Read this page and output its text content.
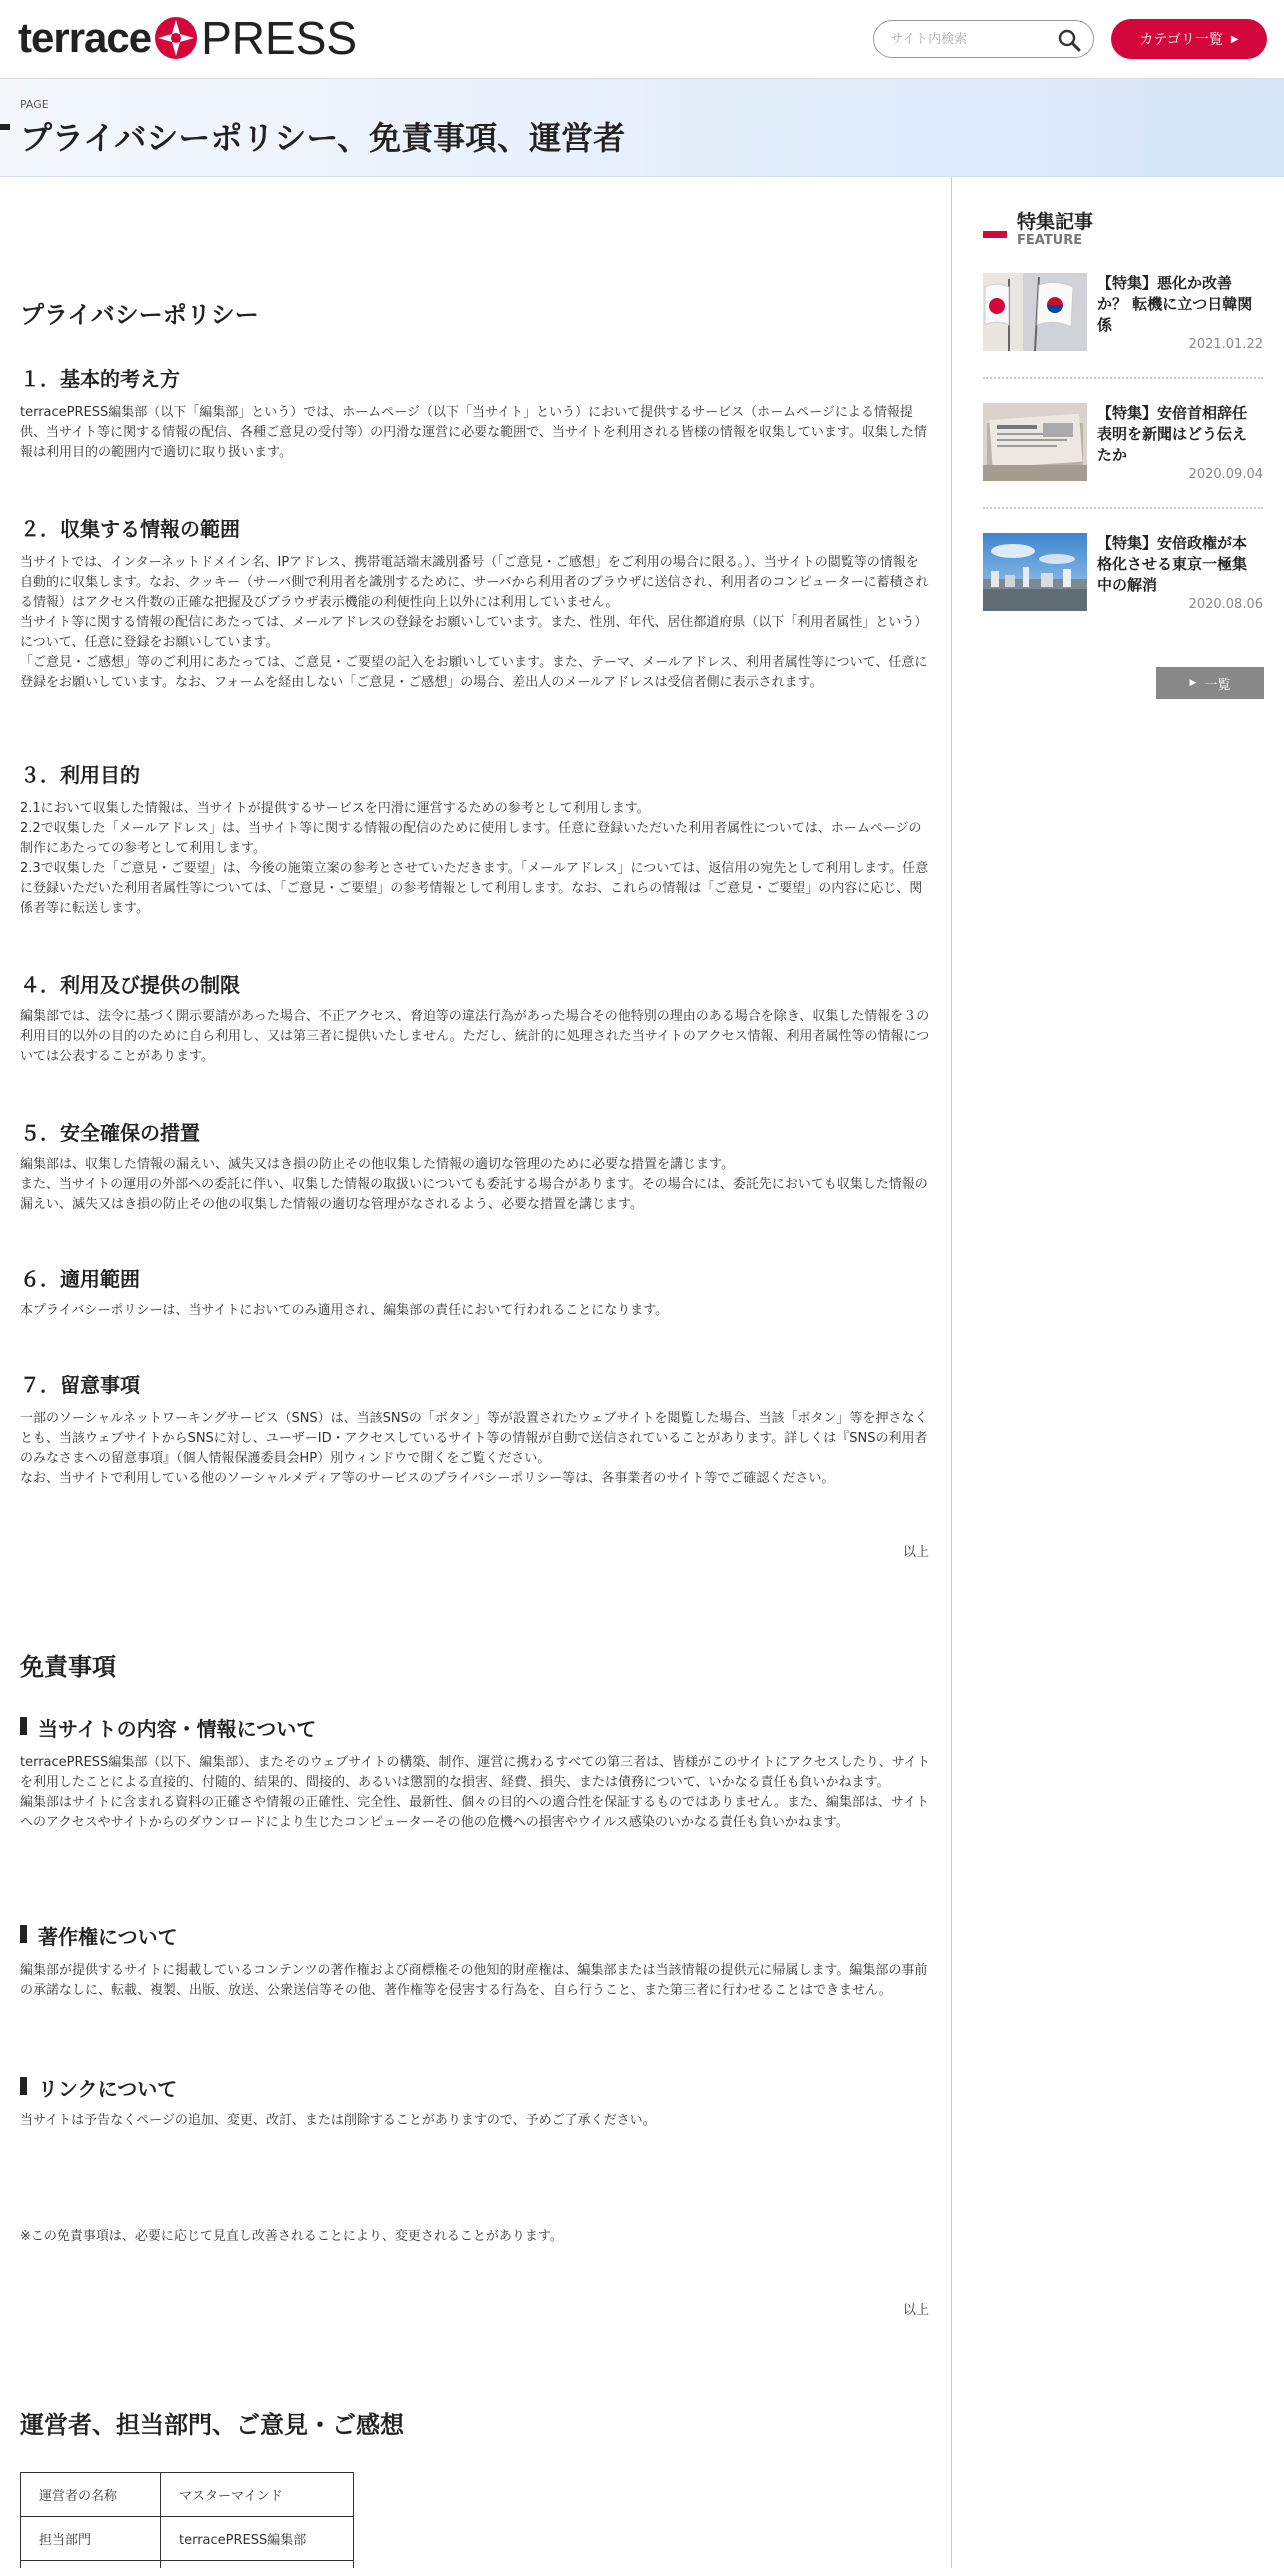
terrace PRESS
サイト内検索	カテゴリ一覧 ▶
PAGE
プライバシーポリシー、免責事項、運営者
プライバシーポリシー
１．基本的考え方
terracePRESS編集部（以下「編集部」という）では、ホームページ（以下「当サイト」という）において提供するサービス（ホームページによる情報提供、当サイト等に関する情報の配信、各種ご意見の受付等）の円滑な運営に必要な範囲で、当サイトを利用される皆様の情報を収集しています。収集した情報は利用目的の範囲内で適切に取り扱います。
２．収集する情報の範囲
当サイトでは、インターネットドメイン名、IPアドレス、携帯電話端末識別番号（「ご意見・ご感想」をご利用の場合に限る。）、当サイトの閲覧等の情報を自動的に収集します。なお、クッキー（サーバ側で利用者を識別するために、サーバから利用者のブラウザに送信され、利用者のコンピューターに蓄積される情報）はアクセス件数の正確な把握及びブラウザ表示機能の利便性向上以外には利用していません。
当サイト等に関する情報の配信にあたっては、メールアドレスの登録をお願いしています。また、性別、年代、居住都道府県（以下「利用者属性」という）について、任意に登録をお願いしています。
「ご意見・ご感想」等のご利用にあたっては、ご意見・ご要望の記入をお願いしています。また、テーマ、メールアドレス、利用者属性等について、任意に登録をお願いしています。なお、フォームを経由しない「ご意見・ご感想」の場合、差出人のメールアドレスは受信者側に表示されます。
３．利用目的
2.1において収集した情報は、当サイトが提供するサービスを円滑に運営するための参考として利用します。
2.2で収集した「メールアドレス」は、当サイト等に関する情報の配信のために使用します。任意に登録いただいた利用者属性については、ホームページの制作にあたっての参考として利用します。
2.3で収集した「ご意見・ご要望」は、今後の施策立案の参考とさせていただきます。「メールアドレス」については、返信用の宛先として利用します。任意に登録いただいた利用者属性等については、「ご意見・ご要望」の参考情報として利用します。なお、これらの情報は「ご意見・ご要望」の内容に応じ、関係者等に転送します。
４．利用及び提供の制限
編集部では、法令に基づく開示要請があった場合、不正アクセス、脅迫等の違法行為があった場合その他特別の理由のある場合を除き、収集した情報を３の利用目的以外の目的のために自ら利用し、又は第三者に提供いたしません。ただし、統計的に処理された当サイトのアクセス情報、利用者属性等の情報については公表することがあります。
５．安全確保の措置
編集部は、収集した情報の漏えい、滅失又はき損の防止その他収集した情報の適切な管理のために必要な措置を講じます。
また、当サイトの運用の外部への委託に伴い、収集した情報の取扱いについても委託する場合があります。その場合には、委託先においても収集した情報の漏えい、滅失又はき損の防止その他の収集した情報の適切な管理がなされるよう、必要な措置を講じます。
６．適用範囲
本プライバシーポリシーは、当サイトにおいてのみ適用され、編集部の責任において行われることになります。
７．留意事項
一部のソーシャルネットワーキングサービス（SNS）は、当該SNSの「ボタン」等が設置されたウェブサイトを閲覧した場合、当該「ボタン」等を押さなくとも、当該ウェブサイトからSNSに対し、ユーザーID・アクセスしているサイト等の情報が自動で送信されていることがあります。詳しくは『SNSの利用者のみなさまへの留意事項』（個人情報保護委員会HP）別ウィンドウで開くをご覧ください。
なお、当サイトで利用している他のソーシャルメディア等のサービスのプライバシーポリシー等は、各事業者のサイト等でご確認ください。
以上
免責事項
当サイトの内容・情報について
terracePRESS編集部（以下、編集部）、またそのウェブサイトの構築、制作、運営に携わるすべての第三者は、皆様がこのサイトにアクセスしたり、サイトを利用したことによる直接的、付随的、結果的、間接的、あるいは懲罰的な損害、経費、損失、または債務について、いかなる責任も負いかねます。
編集部はサイトに含まれる資料の正確さや情報の正確性、完全性、最新性、個々の目的への適合性を保証するものではありません。また、編集部は、サイトへのアクセスやサイトからのダウンロードにより生じたコンピューターその他の危機への損害やウイルス感染のいかなる責任も負いかねます。
著作権について
編集部が提供するサイトに掲載しているコンテンツの著作権および商標権その他知的財産権は、編集部または当該情報の提供元に帰属します。編集部の事前の承諾なしに、転載、複製、出版、放送、公衆送信等その他、著作権等を侵害する行為を、自ら行うこと、また第三者に行わせることはできません。
リンクについて
当サイトは予告なくページの追加、変更、改訂、または削除することがありますので、予めご了承ください。
※この免責事項は、必要に応じて見直し改善されることにより、変更されることがあります。
以上
運営者、担当部門、ご意見・ご感想
運営者の名称	マスターマインド
担当部門	terracePRESS編集部

特集記事
FEATURE
【特集】悪化か改善か？ 転機に立つ日韓関係
2021.01.22
【特集】安倍首相辞任表明を新聞はどう伝えたか
2020.09.04
【特集】安倍政権が本格化させる東京一極集中の解消
2020.08.06
▶ 一覧
